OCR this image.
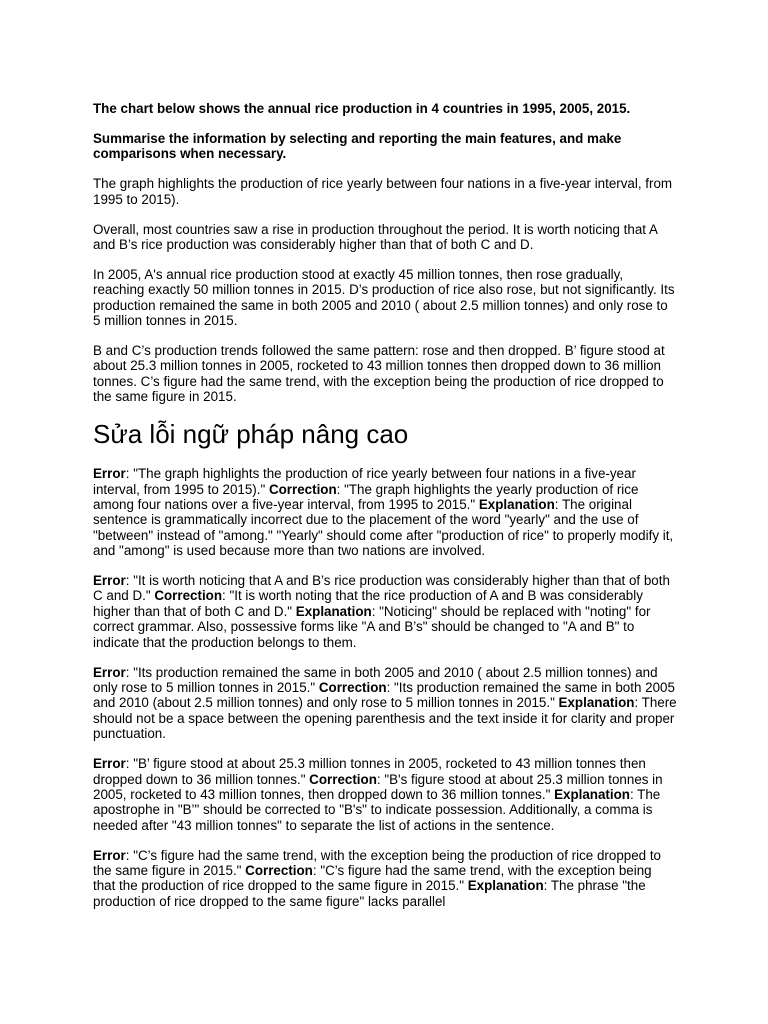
The chart below shows the annual rice production in 4 countries in 1995, 2005, 2015.

Summarise the information by selecting and reporting the main features, and make comparisons when necessary.

The graph highlights the production of rice yearly between four nations in a five-year interval, from 1995 to 2015).

Overall, most countries saw a rise in production throughout the period. It is worth noticing that A and B’s rice production was considerably higher than that of both C and D.

In 2005, A's annual rice production stood at exactly 45 million tonnes, then rose gradually, reaching exactly 50 million tonnes in 2015. D’s production of rice also rose, but not significantly. Its production remained the same in both 2005 and 2010 ( about 2.5 million tonnes) and only rose to 5 million tonnes in 2015.

B and C’s production trends followed the same pattern: rose and then dropped. B’ figure stood at about 25.3 million tonnes in 2005, rocketed to 43 million tonnes then dropped down to 36 million tonnes. C’s figure had the same trend, with the exception being the production of rice dropped to the same figure in 2015.

Sửa lỗi ngữ pháp nâng cao

Error: "The graph highlights the production of rice yearly between four nations in a five-year interval, from 1995 to 2015)." Correction: "The graph highlights the yearly production of rice among four nations over a five-year interval, from 1995 to 2015." Explanation: The original sentence is grammatically incorrect due to the placement of the word "yearly" and the use of "between" instead of "among." "Yearly" should come after "production of rice" to properly modify it, and "among" is used because more than two nations are involved.

Error: "It is worth noticing that A and B’s rice production was considerably higher than that of both C and D." Correction: "It is worth noting that the rice production of A and B was considerably higher than that of both C and D." Explanation: "Noticing" should be replaced with "noting" for correct grammar. Also, possessive forms like "A and B’s" should be changed to "A and B" to indicate that the production belongs to them.

Error: "Its production remained the same in both 2005 and 2010 ( about 2.5 million tonnes) and only rose to 5 million tonnes in 2015." Correction: "Its production remained the same in both 2005 and 2010 (about 2.5 million tonnes) and only rose to 5 million tonnes in 2015." Explanation: There should not be a space between the opening parenthesis and the text inside it for clarity and proper punctuation.

Error: "B’ figure stood at about 25.3 million tonnes in 2005, rocketed to 43 million tonnes then dropped down to 36 million tonnes." Correction: "B's figure stood at about 25.3 million tonnes in 2005, rocketed to 43 million tonnes, then dropped down to 36 million tonnes." Explanation: The apostrophe in "B’" should be corrected to "B's" to indicate possession. Additionally, a comma is needed after "43 million tonnes" to separate the list of actions in the sentence.

Error: "C’s figure had the same trend, with the exception being the production of rice dropped to the same figure in 2015." Correction: "C’s figure had the same trend, with the exception being that the production of rice dropped to the same figure in 2015." Explanation: The phrase "the production of rice dropped to the same figure" lacks parallel
